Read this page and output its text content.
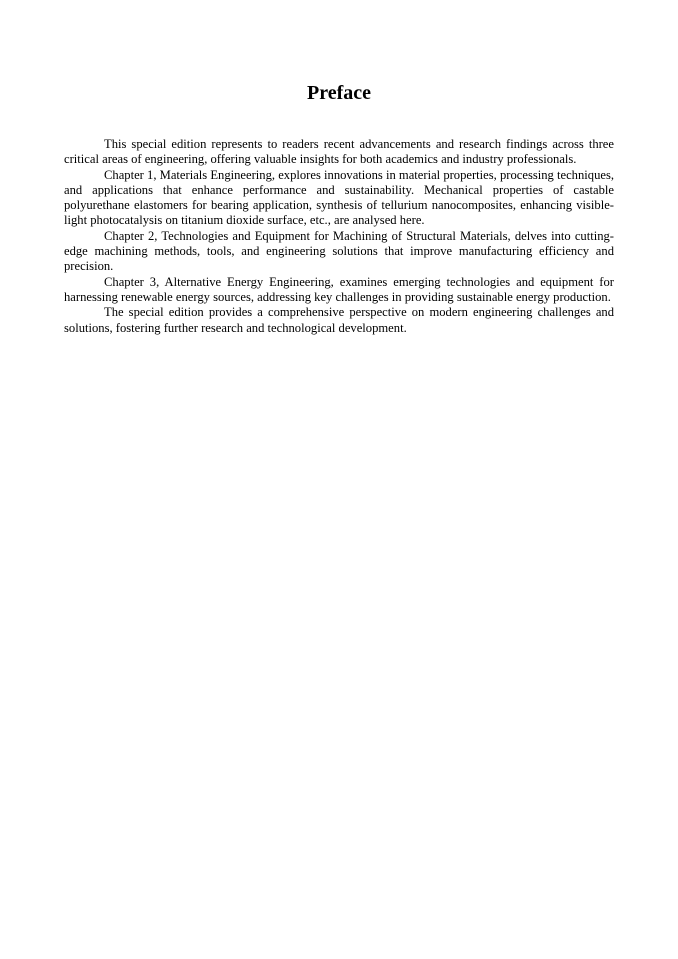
Preface

This special edition represents to readers recent advancements and research findings across three critical areas of engineering, offering valuable insights for both academics and industry professionals.

Chapter 1, Materials Engineering, explores innovations in material properties, processing techniques, and applications that enhance performance and sustainability. Mechanical properties of castable polyurethane elastomers for bearing application, synthesis of tellurium nanocomposites, enhancing visible-light photocatalysis on titanium dioxide surface, etc., are analysed here.

Chapter 2, Technologies and Equipment for Machining of Structural Materials, delves into cutting-edge machining methods, tools, and engineering solutions that improve manufacturing efficiency and precision.

Chapter 3, Alternative Energy Engineering, examines emerging technologies and equipment for harnessing renewable energy sources, addressing key challenges in providing sustainable energy production.

The special edition provides a comprehensive perspective on modern engineering challenges and solutions, fostering further research and technological development.
